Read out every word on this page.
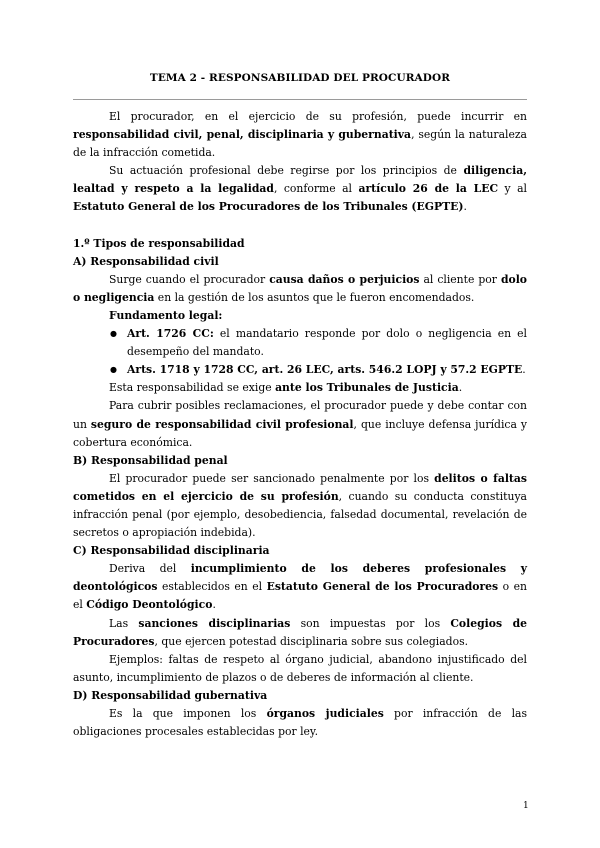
TEMA 2 - RESPONSABILIDAD DEL PROCURADOR

El procurador, en el ejercicio de su profesión, puede incurrir en responsabilidad civil, penal, disciplinaria y gubernativa, según la naturaleza de la infracción cometida.

Su actuación profesional debe regirse por los principios de diligencia, lealtad y respeto a la legalidad, conforme al artículo 26 de la LEC y al Estatuto General de los Procuradores de los Tribunales (EGPTE).

1.º Tipos de responsabilidad

A) Responsabilidad civil

Surge cuando el procurador causa daños o perjuicios al cliente por dolo o negligencia en la gestión de los asuntos que le fueron encomendados.

Fundamento legal:

● Art. 1726 CC: el mandatario responde por dolo o negligencia en el desempeño del mandato.
● Arts. 1718 y 1728 CC, art. 26 LEC, arts. 546.2 LOPJ y 57.2 EGPTE.

Esta responsabilidad se exige ante los Tribunales de Justicia.

Para cubrir posibles reclamaciones, el procurador puede y debe contar con un seguro de responsabilidad civil profesional, que incluye defensa jurídica y cobertura económica.

B) Responsabilidad penal

El procurador puede ser sancionado penalmente por los delitos o faltas cometidos en el ejercicio de su profesión, cuando su conducta constituya infracción penal (por ejemplo, desobediencia, falsedad documental, revelación de secretos o apropiación indebida).

C) Responsabilidad disciplinaria

Deriva del incumplimiento de los deberes profesionales y deontológicos establecidos en el Estatuto General de los Procuradores o en el Código Deontológico.

Las sanciones disciplinarias son impuestas por los Colegios de Procuradores, que ejercen potestad disciplinaria sobre sus colegiados.

Ejemplos: faltas de respeto al órgano judicial, abandono injustificado del asunto, incumplimiento de plazos o de deberes de información al cliente.

D) Responsabilidad gubernativa

Es la que imponen los órganos judiciales por infracción de las obligaciones procesales establecidas por ley.

1
